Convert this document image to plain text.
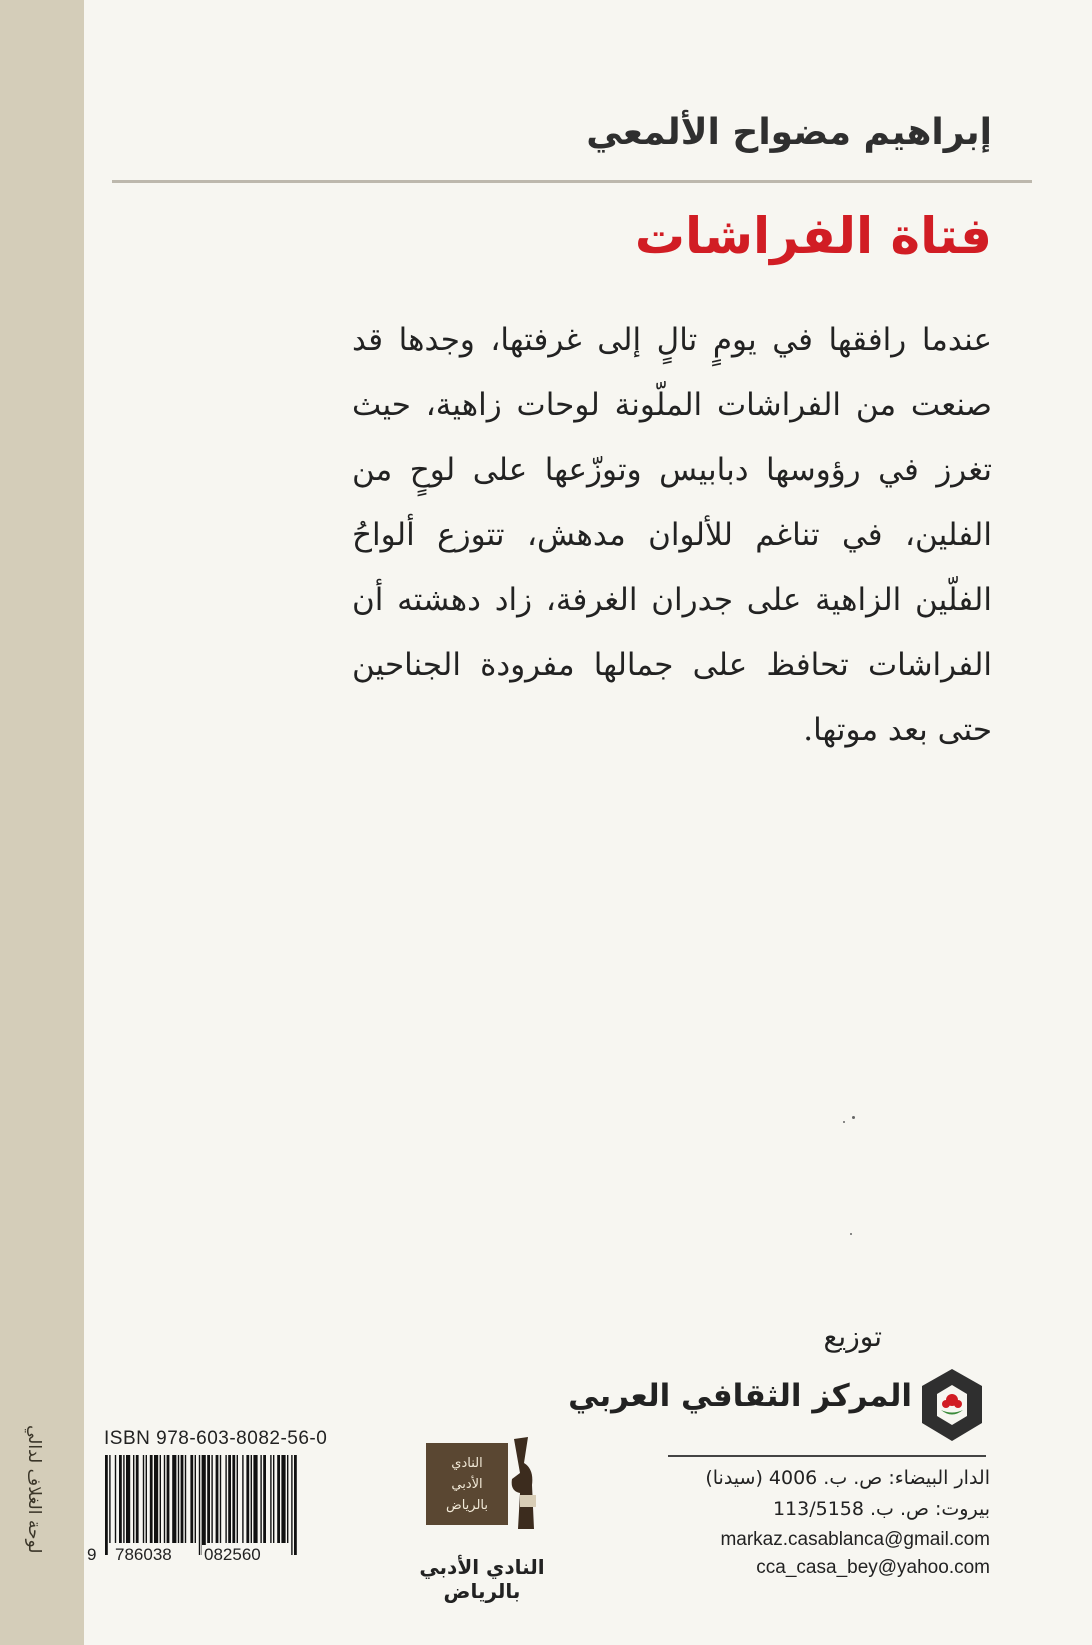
لوحة الغلاف لدالي
إبراهيم مضواح الألمعي
فتاة الفراشات
عندما رافقها في يومٍ تالٍ إلى غرفتها، وجدها قد صنعت من الفراشات الملّونة لوحات زاهية، حيث تغرز في رؤوسها دبابيس وتوزّعها على لوحٍ من الفلين، في تناغم للألوان مدهش، تتوزع ألواحُ الفلّين الزاهية على جدران الغرفة، زاد دهشته أن الفراشات تحافظ على جمالها مفرودة الجناحين حتى بعد موتها.
توزيع
المركز الثقافي العربي
الدار البيضاء: ص. ب. 4006 (سيدنا)
بيروت: ص. ب. 113/5158
markaz.casablanca@gmail.com
cca_casa_bey@yahoo.com
النادي
الأدبي
بالرياض
النادي الأدبي بالرياض
ISBN 978-603-8082-56-0
9 786038 082560
